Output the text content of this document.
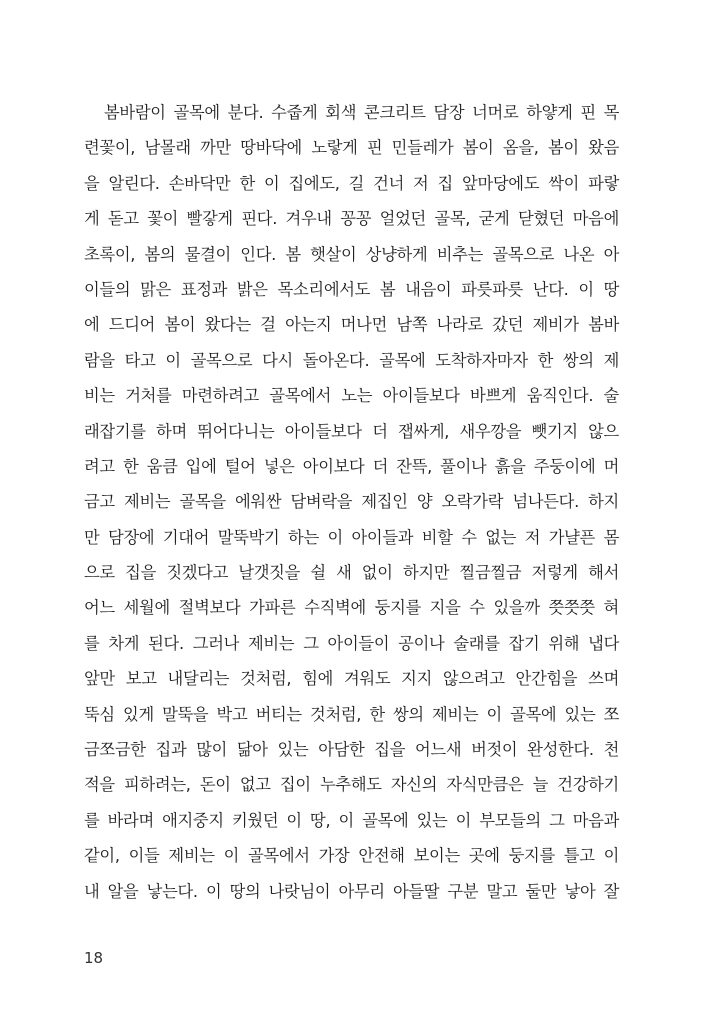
봄바람이 골목에 분다. 수줍게 회색 콘크리트 담장 너머로 하얗게 핀 목
련꽃이, 남몰래 까만 땅바닥에 노랗게 핀 민들레가 봄이 옴을, 봄이 왔음
을 알린다. 손바닥만 한 이 집에도, 길 건너 저 집 앞마당에도 싹이 파랗
게 돋고 꽃이 빨갛게 핀다. 겨우내 꽁꽁 얼었던 골목, 굳게 닫혔던 마음에
초록이, 봄의 물결이 인다. 봄 햇살이 상냥하게 비추는 골목으로 나온 아
이들의 맑은 표정과 밝은 목소리에서도 봄 내음이 파릇파릇 난다. 이 땅
에 드디어 봄이 왔다는 걸 아는지 머나먼 남쪽 나라로 갔던 제비가 봄바
람을 타고 이 골목으로 다시 돌아온다. 골목에 도착하자마자 한 쌍의 제
비는 거처를 마련하려고 골목에서 노는 아이들보다 바쁘게 움직인다. 술
래잡기를 하며 뛰어다니는 아이들보다 더 잽싸게, 새우깡을 뺏기지 않으
려고 한 움큼 입에 털어 넣은 아이보다 더 잔뜩, 풀이나 흙을 주둥이에 머
금고 제비는 골목을 에워싼 담벼락을 제집인 양 오락가락 넘나든다. 하지
만 담장에 기대어 말뚝박기 하는 이 아이들과 비할 수 없는 저 가냘픈 몸
으로 집을 짓겠다고 날갯짓을 쉴 새 없이 하지만 찔금찔금 저렇게 해서
어느 세월에 절벽보다 가파른 수직벽에 둥지를 지을 수 있을까 쯧쯧쯧 혀
를 차게 된다. 그러나 제비는 그 아이들이 공이나 술래를 잡기 위해 냅다
앞만 보고 내달리는 것처럼, 힘에 겨워도 지지 않으려고 안간힘을 쓰며
뚝심 있게 말뚝을 박고 버티는 것처럼, 한 쌍의 제비는 이 골목에 있는 쪼
금쪼금한 집과 많이 닮아 있는 아담한 집을 어느새 버젓이 완성한다. 천
적을 피하려는, 돈이 없고 집이 누추해도 자신의 자식만큼은 늘 건강하기
를 바라며 애지중지 키웠던 이 땅, 이 골목에 있는 이 부모들의 그 마음과
같이, 이들 제비는 이 골목에서 가장 안전해 보이는 곳에 둥지를 틀고 이
내 알을 낳는다. 이 땅의 나랏님이 아무리 아들딸 구분 말고 둘만 낳아 잘
18
